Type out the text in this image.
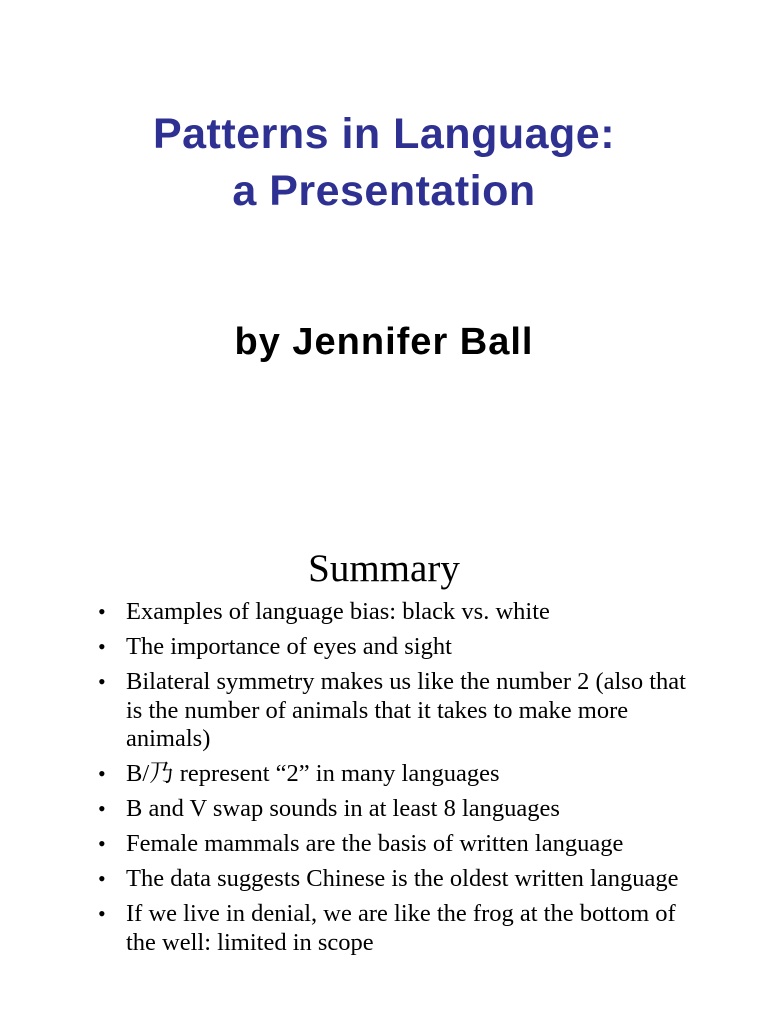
Patterns in Language:
a Presentation
by Jennifer Ball
Summary
• Examples of language bias: black vs. white
• The importance of eyes and sight
• Bilateral symmetry makes us like the number 2 (also that is the number of animals that it takes to make more animals)
• B/乃 represent “2” in many languages
• B and V swap sounds in at least 8 languages
• Female mammals are the basis of written language
• The data suggests Chinese is the oldest written language
• If we live in denial, we are like the frog at the bottom of the well: limited in scope
